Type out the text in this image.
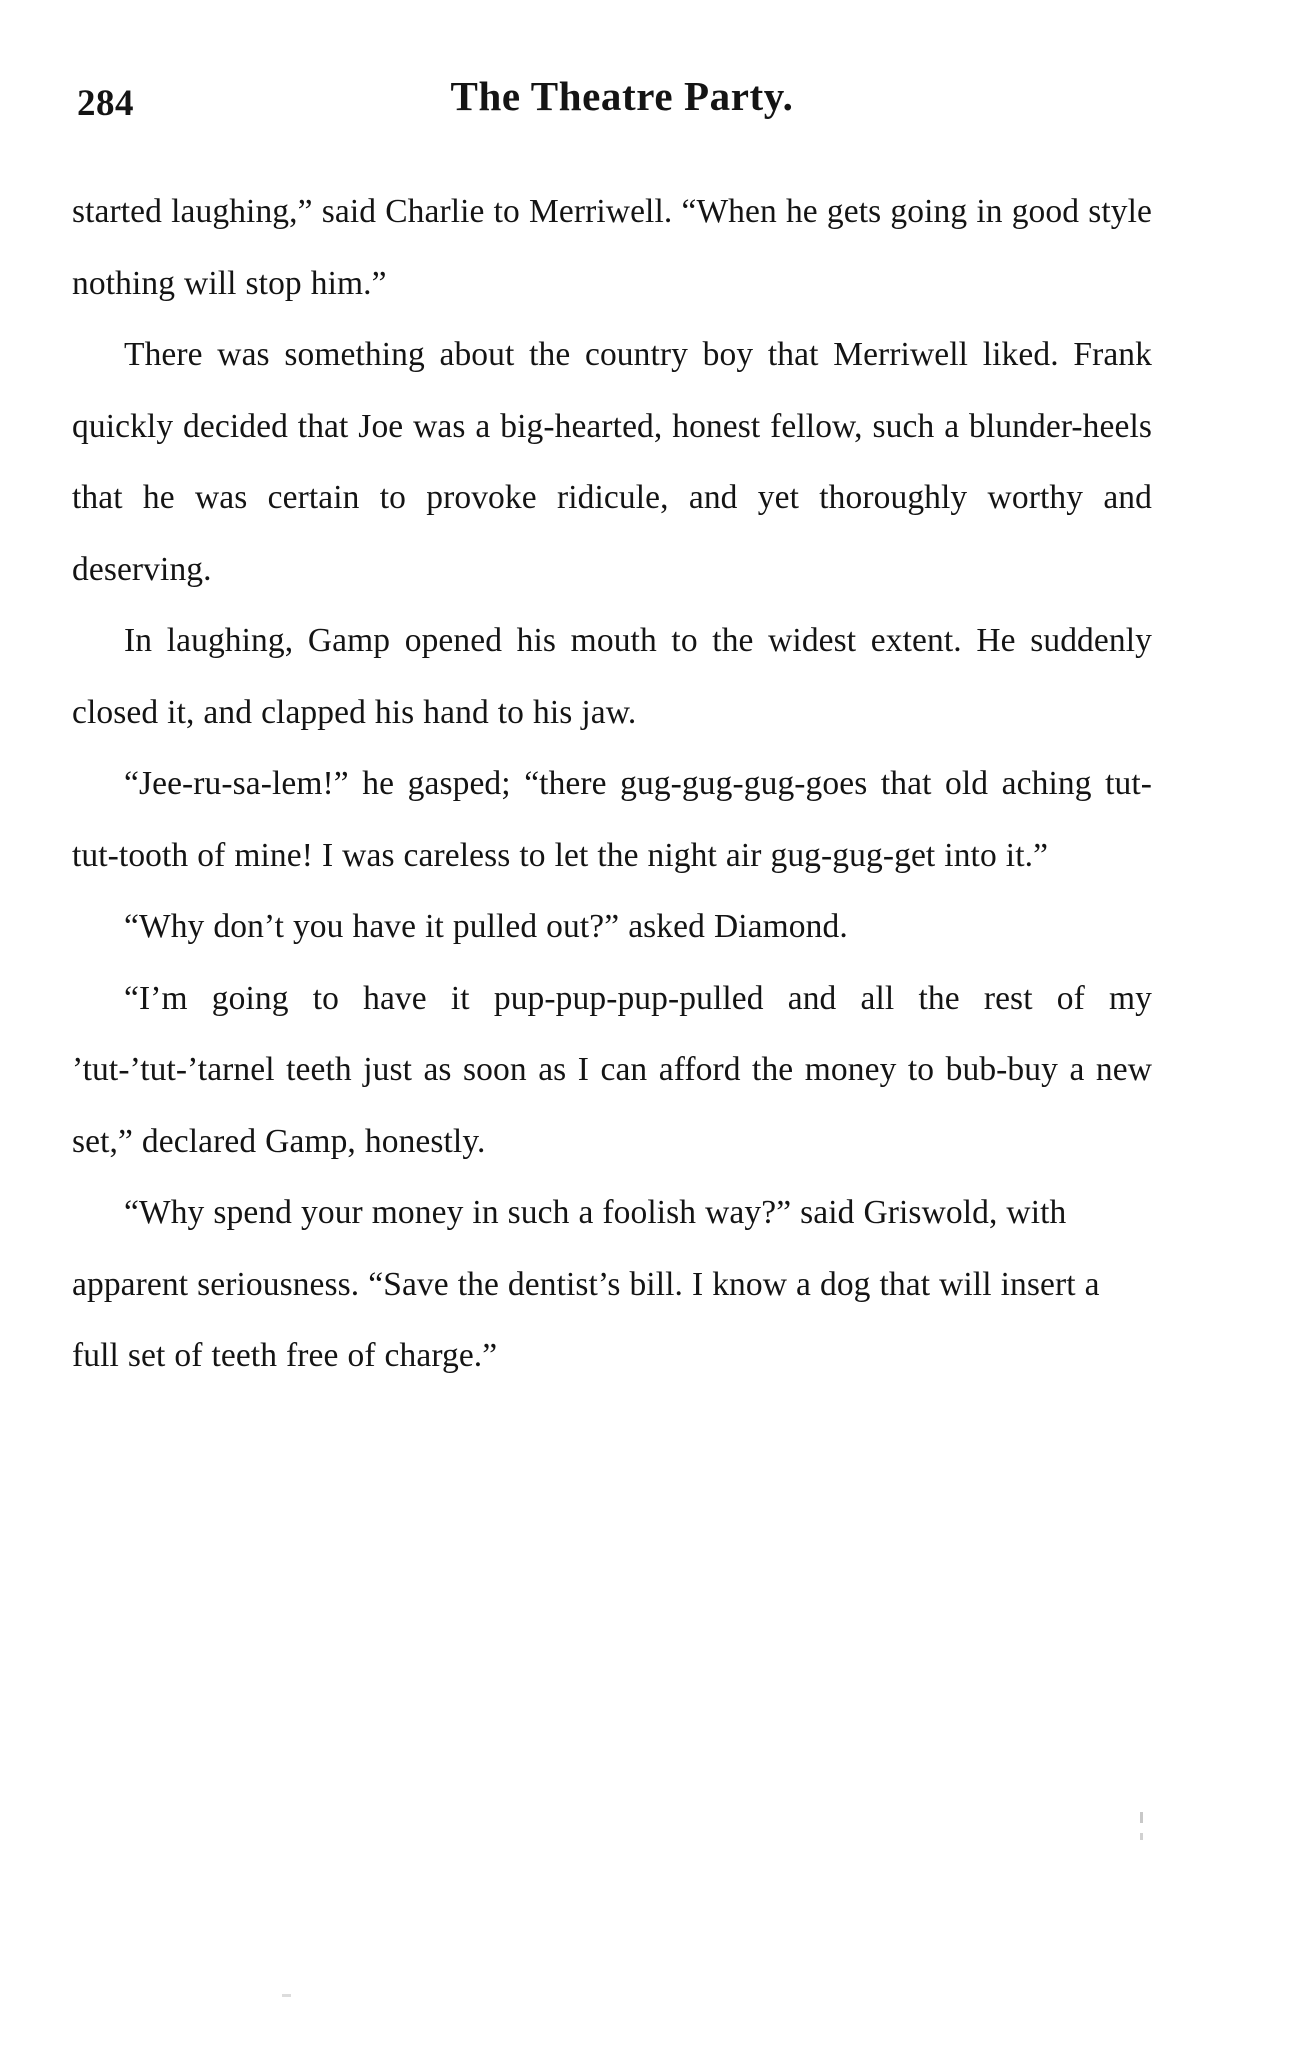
284	The Theatre Party.

started laughing,” said Charlie to Merriwell. “When he gets going in good style nothing will stop him.”

There was something about the country boy that Merriwell liked. Frank quickly decided that Joe was a big-hearted, honest fellow, such a blunder-heels that he was certain to provoke ridicule, and yet thoroughly worthy and deserving.

In laughing, Gamp opened his mouth to the widest extent. He suddenly closed it, and clapped his hand to his jaw.

“Jee-ru-sa-lem!” he gasped; “there gug-gug-gug-goes that old aching tut-tut-tooth of mine! I was careless to let the night air gug-gug-get into it.”

“Why don’t you have it pulled out?” asked Diamond.

“I’m going to have it pup-pup-pup-pulled and all the rest of my ’tut-’tut-’tarnel teeth just as soon as I can afford the money to bub-buy a new set,” declared Gamp, honestly.

“Why spend your money in such a foolish way?” said Griswold, with apparent seriousness. “Save the dentist’s bill. I know a dog that will insert a full set of teeth free of charge.”
